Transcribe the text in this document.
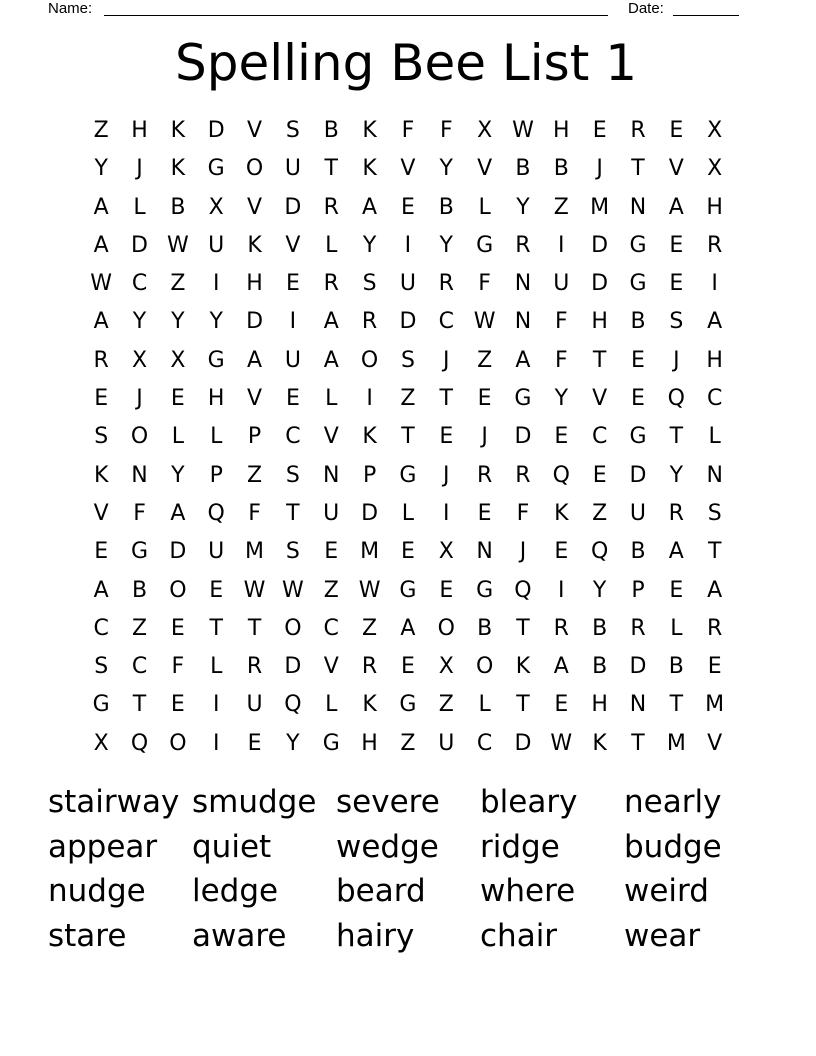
Name:	Date:
Spelling Bee List 1
Z	H	K	D	V	S	B	K	F	F	X W H	E	R	E	X
Y	J	K	G O U	T	K	V	Y	V	B	B	J	T	V	X
A	L	B	X	V	D	R	A	E	B	L	Y	Z M N	A	H
A	D W U	K	V	L	Y	I	Y	G	R	I	D G	E	R
W C	Z	I	H	E	R	S	U	R	F	N	U D G	E	I
A	Y	Y	Y	D	I	A	R	D	C W N	F	H	B	S	A
R	X	X	G	A	U	A	O	S	J	Z	A	F	T	E	J	H
E	J	E	H	V	E	L	I	Z	T	E	G	Y	V	E	Q	C
S	O	L	L	P	C	V	K	T	E	J	D	E	C	G	T	L
K	N	Y	P	Z	S	N	P	G	J	R	R	Q	E	D	Y	N
V	F	A	Q	F	T	U D	L	I	E	F	K	Z	U	R	S
E	G D U M S	E M E	X	N	J	E	Q	B	A	T
A	B	O	E W W Z W G	E	G Q	I	Y	P	E	A
C	Z	E	T	T	O	C	Z	A	O	B	T	R	B	R	L	R
S	C	F	L	R	D	V	R	E	X	O	K	A	B	D	B	E
G	T	E	I	U Q	L	K	G	Z	L	T	E	H N	T	M
X	Q O	I	E	Y	G H	Z	U	C	D W K	T	M V
stairway smudge severe	bleary	nearly
appear	quiet	wedge	ridge	budge
nudge	ledge	beard	where	weird
stare	aware	hairy	chair	wear
